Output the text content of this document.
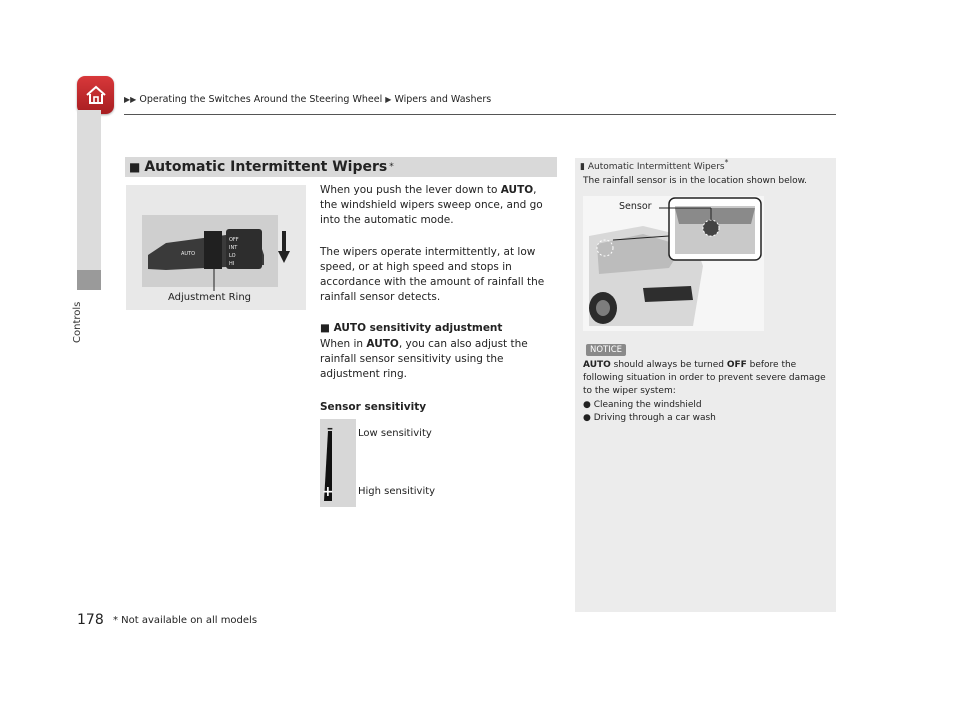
▶▶ Operating the Switches Around the Steering Wheel ▶ Wipers and Washers
Controls
■ Automatic Intermittent Wipers *
OFF
INT
LO
HI
AUTO
Adjustment Ring
When you push the lever down to AUTO, the windshield wipers sweep once, and go into the automatic mode.
The wipers operate intermittently, at low speed, or at high speed and stops in accordance with the amount of rainfall the rainfall sensor detects.
■ AUTO sensitivity adjustment
When in AUTO, you can also adjust the rainfall sensor sensitivity using the adjustment ring.
Sensor sensitivity
–
+
Low sensitivity
High sensitivity
▮ Automatic Intermittent Wipers*
The rainfall sensor is in the location shown below.
Sensor
NOTICE
AUTO should always be turned OFF before the following situation in order to prevent severe damage to the wiper system:
● Cleaning the windshield
● Driving through a car wash
178 * Not available on all models
